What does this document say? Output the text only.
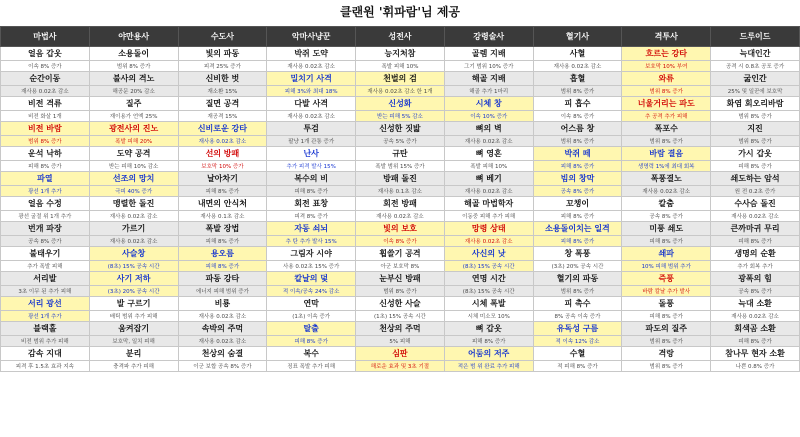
클랜원 '휘파람'님 제공
마법사	야만용사	수도사	악마사냥꾼	성전사	강령술사	혈기사	격투사	드루이드
얼음 갑옷	소용돌이	빛의 파동	박쥐 도약	능지처참	골렘 지배	사혈	흐르는 강타	늑대인간
이속 8% 증가	범위 8% 증가	피격 25% 증가	재사용 0.02초 감소	폭발 피해 10%	그기 범위 10% 증가	재사용 0.02초 감소	보호막 10% 부여	공격 시 0.8초 공포 증가
순간이동	불사의 격노	신비한 벗	밀치기 사격	천벌의 검	해골 지배	흡혈	와류	굶인간
재사용 0.02초 감소	해공문 20% 감소	재소환 15%	피해 3%와 최대 18%	재사용 0.02초 감소 한 1개	해골 추가 1마리	범위 8% 증가	범위 8% 증가	25% 및 일꾼에 보호막
비전 격류	질주	질면 공격	다발 사격	신성화	시체 창	피 흡수	너울거리는 파도	화염 회오리바람
비전 화살 1개	재이용가 언엑 25%	재공격 15%	재사용 0.02초 감소	받는 피해 5% 감소	이속 10% 증가	이속 8% 증가	추 공격 추가 피해	범위 8% 증가
비전 바람	광전사의 진노	신비로운 강타	투검	신성한 짓밟	뼈의 벽	어스름 창	폭포수	지진
범위 8% 증가	폭발 피해 20%	재사용 0.02초 감소	팔냥 1개 관통 증가	공속 5% 증가	재사용 0.02초 감소	범위 8% 증가	범위 8% 증가	범위 8% 증가
운석 낙하	도약 공격	선의 방패	난사	규탄	뼈 영혼	박쥐 떼	바람 결음	가시 갑옷
피해 8% 증가	받는 피해 10% 감소	보호막 10% 증가	추가 피격 발사 15%	폭발 범위 15% 증가	폭발 피해 10%	피해 8% 증가	생명력 1%에 최대 회복	피해 8% 증가
파열	선조의 망치	날아차기	복수의 비	방패 돌진	뼈 베기	빔의 창막	폭풍결노	쇄도하는 암석
광선 1개 추가	극피 40% 증가	피해 8% 증가	피해 8% 증가	재사용 0.1초 감소	재사용 0.02초 감소	공속 8% 증가	재사용 0.02초 감소	원 전 0.2초 증가
얼음 수정	맹렬한 돌진	내면의 안식처	회전 표창	회전 방패	해골 마법학자	꼬챙이	칼춤	수사슴 돌진
광선 굴절 위 1개 추가	재사용 0.02초 감소	재사용 0.1초 감소	피격 8% 증가	재사용 0.02초 감소	이동중 피해 추가 피해	피해 8% 증가	공속 8% 증가	재사용 0.02초 감소
번개 파장	가르기	폭발 장법	자동 쇠뇌	빛의 보호	망령 상태	소용돌이치는 일격	미풍 쇄도	큰까마귀 무리
공속 8% 증가	재사용 0.02초 감소	피해 8% 증가	추 탄 추가 발사 15%	이속 8% 증가	재사용 0.02초 감소	피해 8% 증가	피해 8% 증가	피해 8% 증가
불태우기	사슬창	용오름	그림자 시야	휩쓸기 공격	사신의 낫	창 폭풍	쇄파	생명의 순환
추가 폭발 피해	(8초) 15% 공속 시간	피해 8% 증가	사용 0.02초 15% 증가	아군 보호막 8%	(8초) 15% 공속 시간	(3초) 20% 공속 시간	10% 피해 범위 추가	추가 회복 추가
서리발	사기 저하	파동 강타	칼날의 덫	눈부신 방패	연명 시간	혈기의 파동	즉풍	광폭의 힘
3초 이무 된 추가 피해	(3초) 20% 공속 시간	에너지 피해 범위 증가	적 이속/공속 24% 감소	범위 8% 증가	(8초) 15% 공속 시간	범위 8% 증가	바람 칼날 추가 발사	공속 8% 증가
서리 광선	발 구르기	비룡	연막	신성한 사슬	시체 폭발	피 촉수	돌풍	늑대 소환
광선 1개 추가	배틱 범위 추가 피해	재사용 0.02초 감소	(1초) 이속 증가	(1초) 15% 공속 시간	시체 미소모 10%	8% 공속 이속 증가	피해 8% 증가	재사용 0.02초 감소
블랙홀	움켜잡기	속박의 주먹	탈출	천상의 주먹	뼈 갑옷	유독성 구름	파도의 질주	회색곰 소환
비전 범위 추가 피해	보호막, 일치 피해	재사용 0.02초 감소	피해 8% 증가	5% 피해	피해 8% 증가	적 이속 12% 감소	범위 8% 증가	피해 8% 증가
감속 지대	분리	천상의 숨결	복수	심판	어둠의 저주	수혈	격랑	참나무 현자 소환
피격 후 1.5초 효과 지속	충격파 추가 피해	이군 보합 공속 8% 증가	징표 폭발 추가 피해	해로운 효과 및 3초 기절	적은 범 위 완료 추가 피해	적 피해 8% 증가	범위 8% 증가	나쁜 0.8% 증가
